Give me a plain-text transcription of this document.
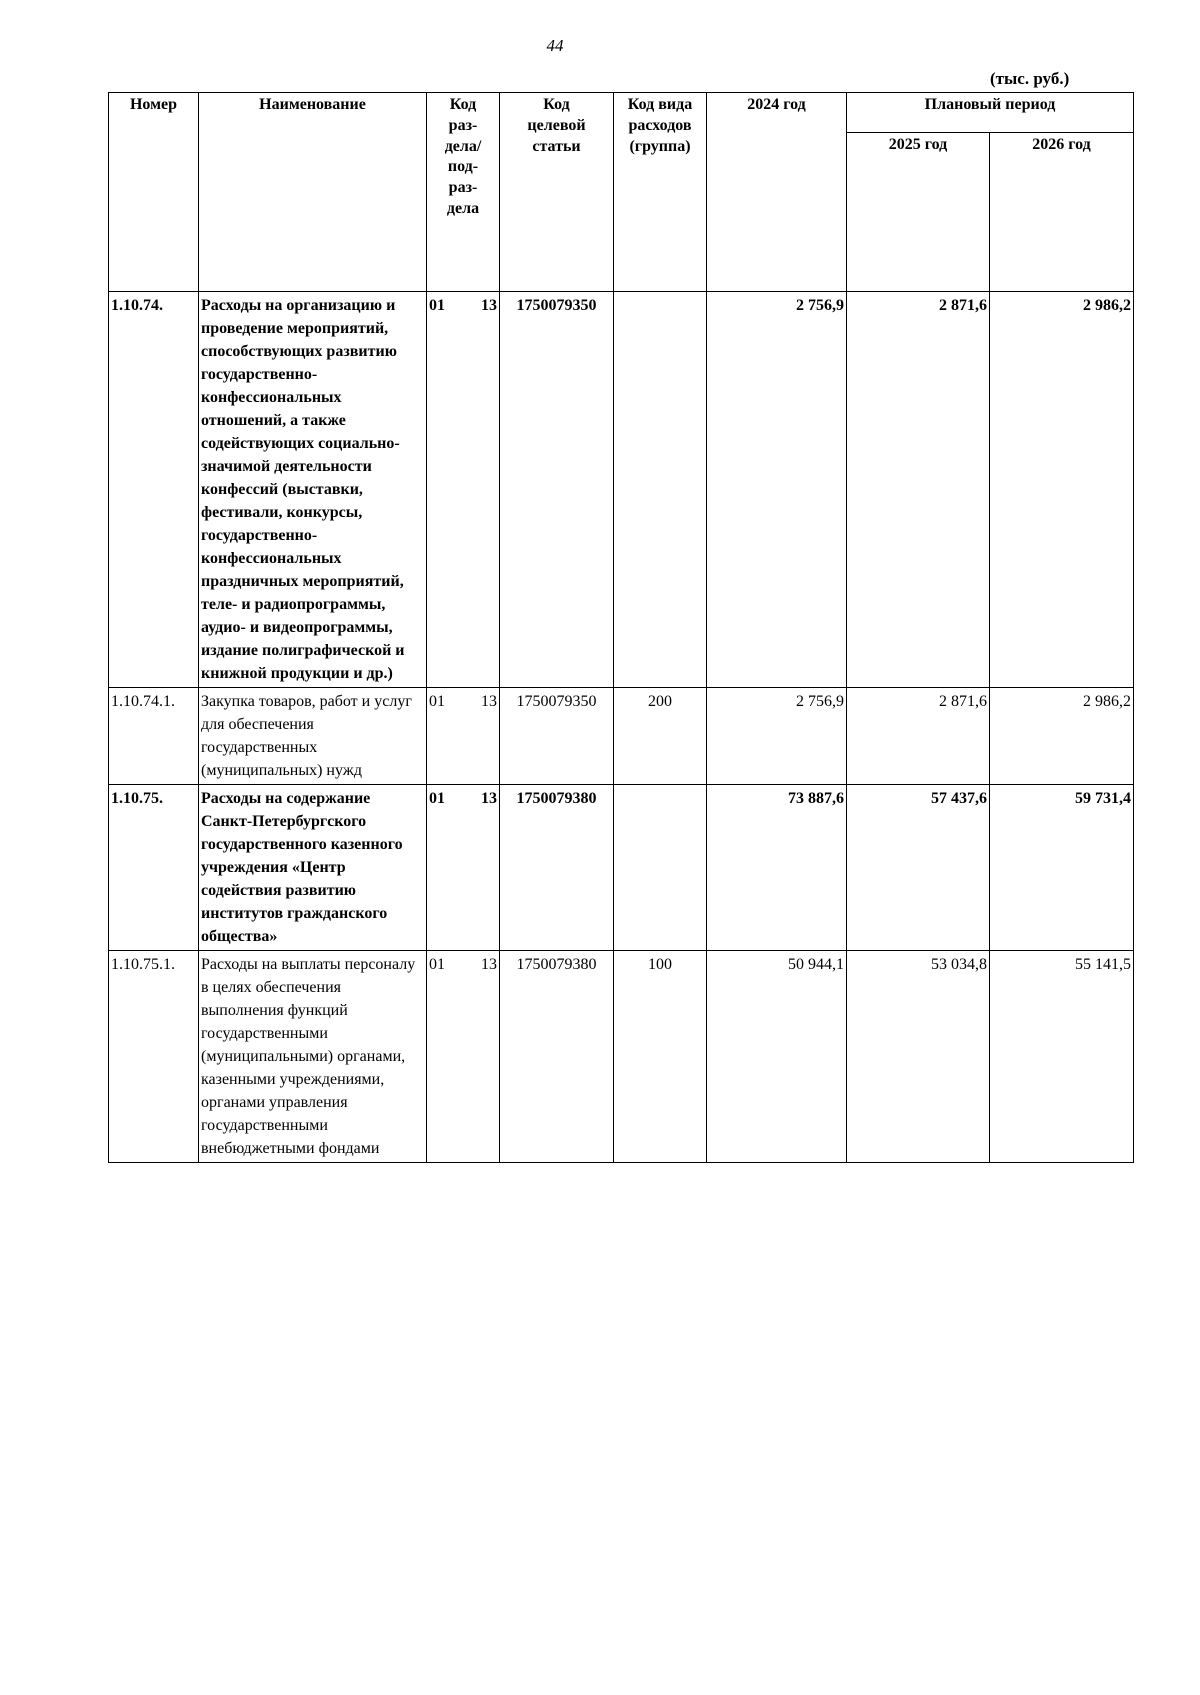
44
(тыс. руб.)
Номер	Наименование	Код раз-дела/ под-раз-дела	Код целевой статьи	Код вида расходов (группа)	2024 год	Плановый период	
						2025 год	2026 год
1.10.74.	Расходы на организацию и проведение мероприятий, способствующих развитию государственно-конфессиональных отношений, а также содействующих социально-значимой деятельности конфессий (выставки, фестивали, конкурсы, государственно-конфессиональных праздничных мероприятий, теле- и радиопрограммы, аудио- и видеопрограммы, издание полиграфической и книжной продукции и др.)	01 13	1750079350		2 756,9	2 871,6	2 986,2
1.10.74.1.	Закупка товаров, работ и услуг для обеспечения государственных (муниципальных) нужд	01 13	1750079350	200	2 756,9	2 871,6	2 986,2
1.10.75.	Расходы на содержание Санкт-Петербургского государственного казенного учреждения «Центр содействия развитию институтов гражданского общества»	01 13	1750079380		73 887,6	57 437,6	59 731,4
1.10.75.1.	Расходы на выплаты персоналу в целях обеспечения выполнения функций государственными (муниципальными) органами, казенными учреждениями, органами управления государственными внебюджетными фондами	01 13	1750079380	100	50 944,1	53 034,8	55 141,5
